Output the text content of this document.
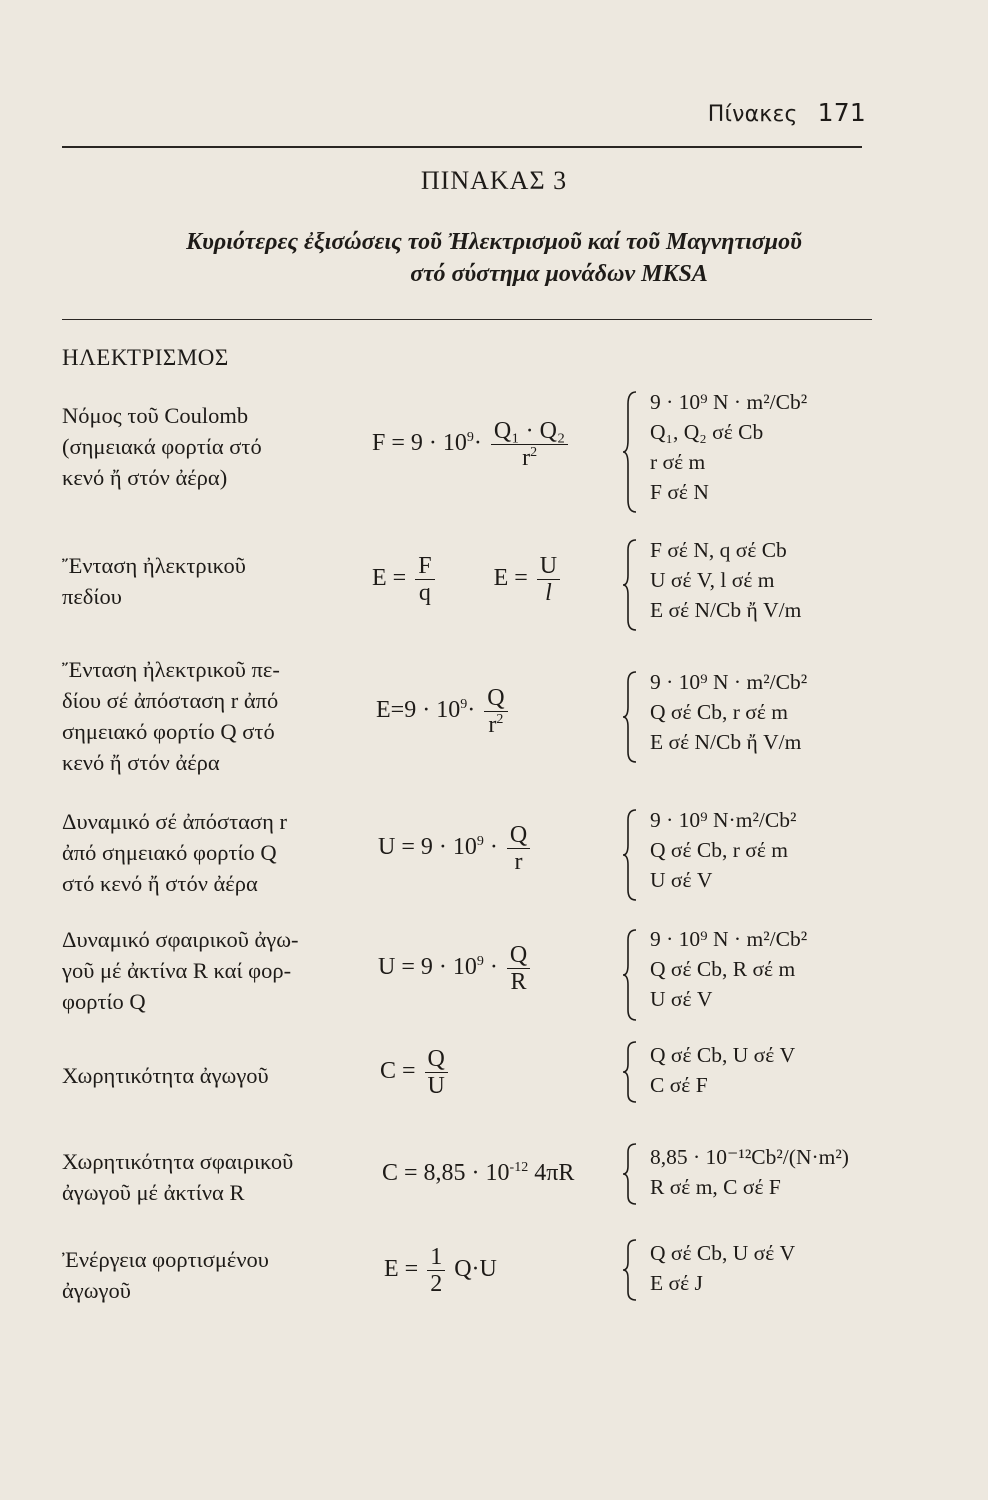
Πίνακες 171
ΠΙΝΑΚΑΣ 3
Κυριότερες ἐξισώσεις τοῦ Ἠλεκτρισμοῦ καί τοῦ Μαγνητισμοῦ
στό σύστημα μονάδων MKSA
ΗΛΕΚΤΡΙΣΜΟΣ
Νόμος τοῦ Coulomb
(σημειακά φορτία στό
κενό ἤ στόν ἀέρα)
$F = 9 \cdot 10^9\cdot \frac{\text{Q₁ · Q₂}}{r^2}$
9 · 10⁹ N · m²/Cb²
Q₁, Q₂ σέ Cb
r σέ m
F σέ N
Ἔνταση ἠλεκτρικοῦ
πεδίου
$E = \frac{F}{q}$ $E = \frac{U}{l}$
F σέ N, q σέ Cb
U σέ V, l σέ m
E σέ N/Cb ἤ V/m
Ἔνταση ἠλεκτρικοῦ πε-
δίου σέ ἀπόσταση r ἀπό
σημειακό φορτίο Q στό
κενό ἤ στόν ἀέρα
$E=9 \cdot 10^9\cdot \frac{Q}{r^2}$
9 · 10⁹ N · m²/Cb²
Q σέ Cb, r σέ m
E σέ N/Cb ἤ V/m
Δυναμικό σέ ἀπόσταση r
ἀπό σημειακό φορτίο Q
στό κενό ἤ στόν ἀέρα
$U = 9 \cdot 10^9 \cdot \frac{Q}{r}$
9 · 10⁹ N·m²/Cb²
Q σέ Cb, r σέ m
U σέ V
Δυναμικό σφαιρικοῦ ἀγω-
γοῦ μέ ἀκτίνα R καί φορ-
φορτίο Q
$U = 9 \cdot 10^9 \cdot \frac{Q}{R}$
9 · 10⁹ N · m²/Cb²
Q σέ Cb, R σέ m
U σέ V
Χωρητικότητα ἀγωγοῦ	$C = \frac{Q}{U}$	Q σέ Cb, U σέ V
C σέ F
Χωρητικότητα σφαιρικοῦ
ἀγωγοῦ μέ ἀκτίνα R
$C = 8,85 \cdot 10^{-12}$ 4πR
8,85 · 10⁻¹²Cb²/(N·m²)
R σέ m, C σέ F
Ἐνέργεια φορτισμένου
ἀγωγοῦ
$E = \frac{1}{2} Q\cdot U$
Q σέ Cb, U σέ V
E σέ J
